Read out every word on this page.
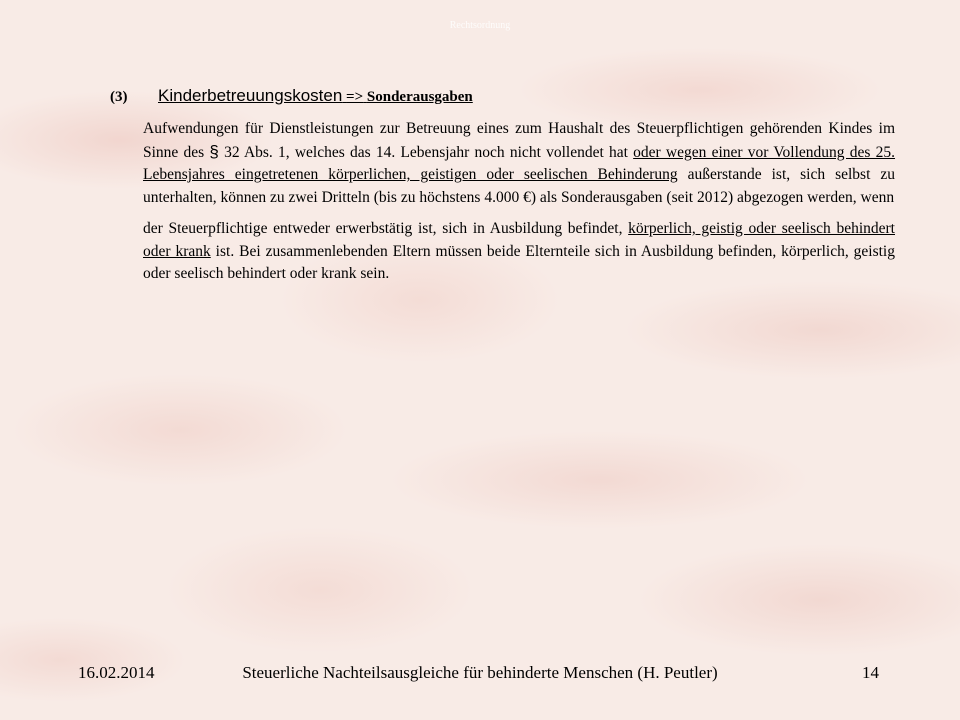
Rechtsordnung
(3) Kinderbetreuungskosten => Sonderausgaben
Aufwendungen für Dienstleistungen zur Betreuung eines zum Haushalt des Steuerpflichtigen gehörenden Kindes im Sinne des § 32 Abs. 1, welches das 14. Lebensjahr noch nicht vollendet hat oder wegen einer vor Vollendung des 25. Lebensjahres eingetretenen körperlichen, geistigen oder seelischen Behinderung außerstande ist, sich selbst zu unterhalten, können zu zwei Dritteln (bis zu höchstens 4.000 €) als Sonderausgaben (seit 2012) abgezogen werden, wenn
der Steuerpflichtige entweder erwerbstätig ist, sich in Ausbildung befindet, körperlich, geistig oder seelisch behindert oder krank ist. Bei zusammenlebenden Eltern müssen beide Elternteile sich in Ausbildung befinden, körperlich, geistig oder seelisch behindert oder krank sein.
16.02.2014	Steuerliche Nachteilsausgleiche für behinderte Menschen (H. Peutler)	14
